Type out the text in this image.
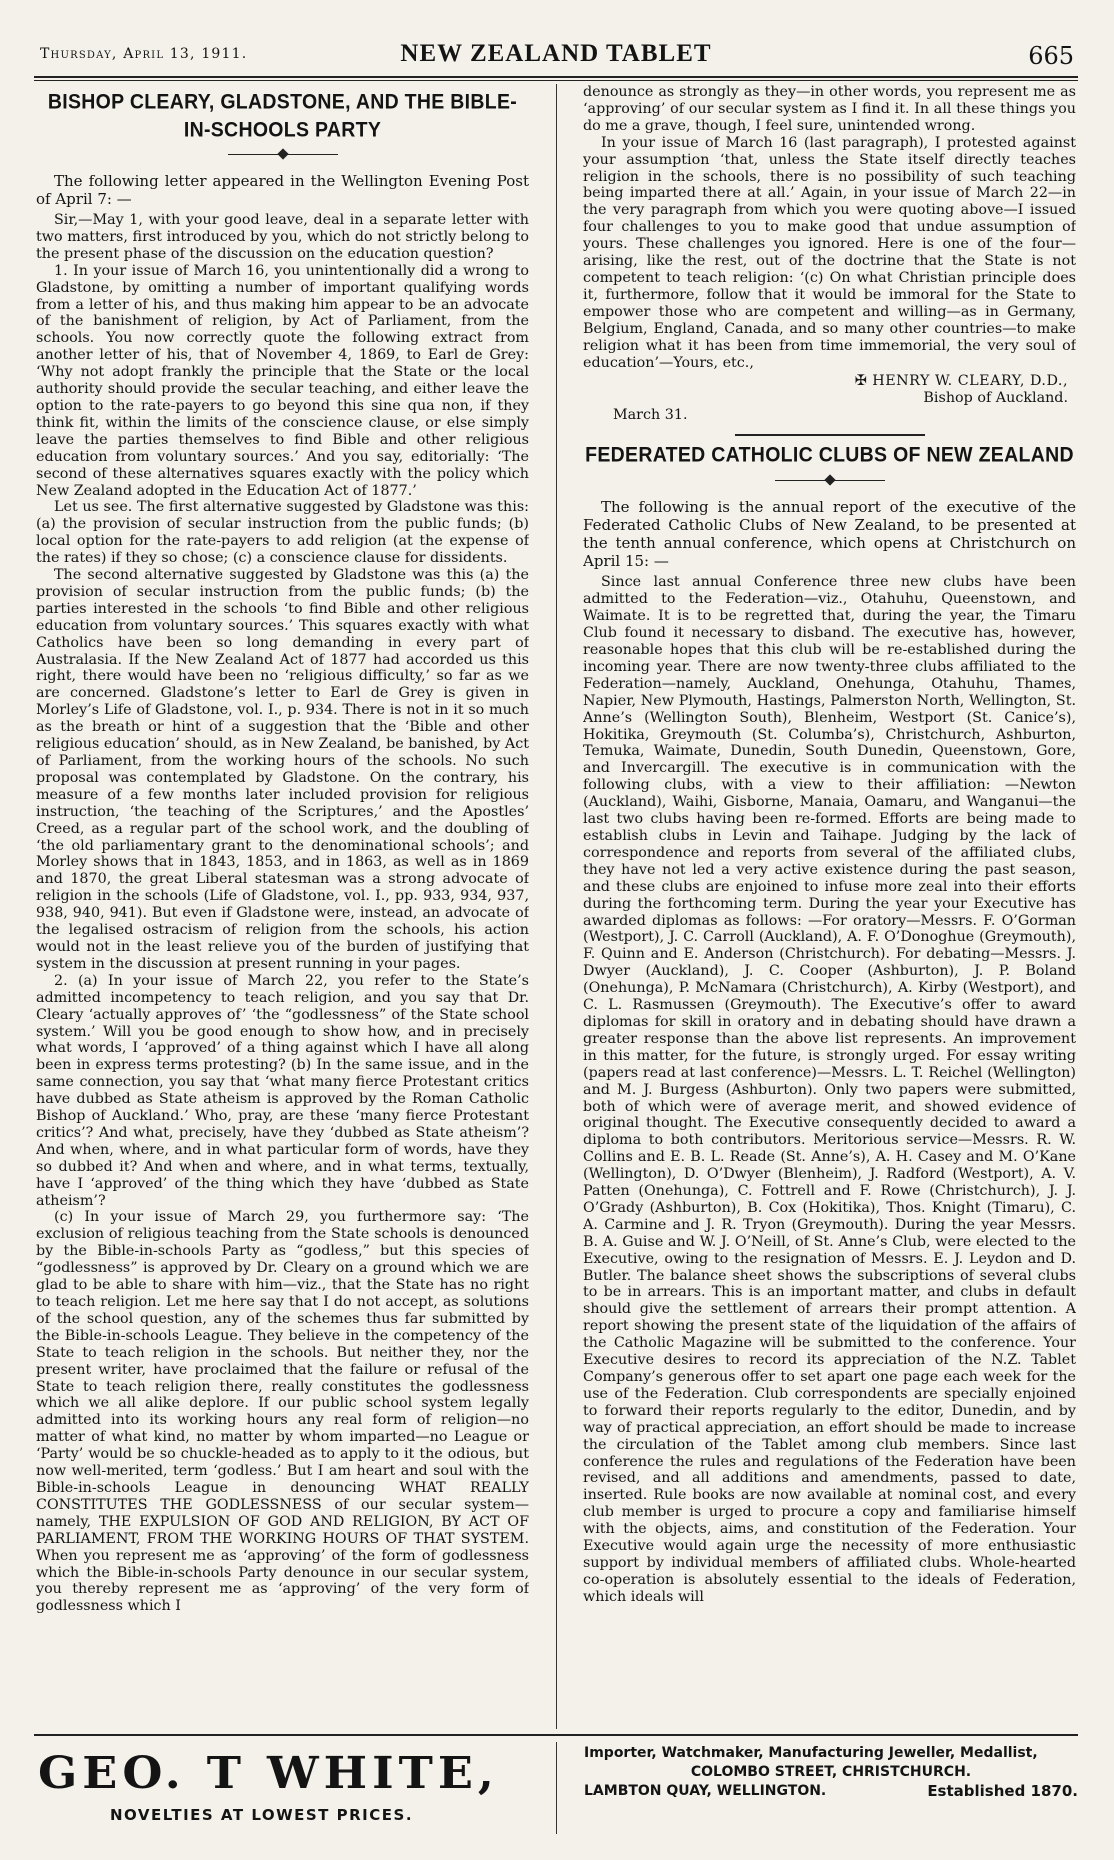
Thursday, April 13, 1911.	NEW ZEALAND TABLET	665
BISHOP CLEARY, GLADSTONE, AND THE BIBLE-IN-SCHOOLS PARTY

The following letter appeared in the Wellington Evening Post of April 7: —

Sir,—May 1, with your good leave, deal in a separate letter with two matters, first introduced by you, which do not strictly belong to the present phase of the discussion on the education question?

1. In your issue of March 16, you unintentionally did a wrong to Gladstone, by omitting a number of important qualifying words from a letter of his, and thus making him appear to be an advocate of the banishment of religion, by Act of Parliament, from the schools. You now correctly quote the following extract from another letter of his, that of November 4, 1869, to Earl de Grey: ‘Why not adopt frankly the principle that the State or the local authority should provide the secular teaching, and either leave the option to the rate-payers to go beyond this sine qua non, if they think fit, within the limits of the conscience clause, or else simply leave the parties themselves to find Bible and other religious education from voluntary sources.’ And you say, editorially: ‘The second of these alternatives squares exactly with the policy which New Zealand adopted in the Education Act of 1877.’

Let us see. The first alternative suggested by Gladstone was this: (a) the provision of secular instruction from the public funds; (b) local option for the rate-payers to add religion (at the expense of the rates) if they so chose; (c) a conscience clause for dissidents.

The second alternative suggested by Gladstone was this (a) the provision of secular instruction from the public funds; (b) the parties interested in the schools ‘to find Bible and other religious education from voluntary sources.’ This squares exactly with what Catholics have been so long demanding in every part of Australasia. If the New Zealand Act of 1877 had accorded us this right, there would have been no ‘religious difficulty,’ so far as we are concerned. Gladstone’s letter to Earl de Grey is given in Morley’s Life of Gladstone, vol. I., p. 934. There is not in it so much as the breath or hint of a suggestion that the ‘Bible and other religious education’ should, as in New Zealand, be banished, by Act of Parliament, from the working hours of the schools. No such proposal was contemplated by Gladstone. On the contrary, his measure of a few months later included provision for religious instruction, ‘the teaching of the Scriptures,’ and the Apostles’ Creed, as a regular part of the school work, and the doubling of ‘the old parliamentary grant to the denominational schools’; and Morley shows that in 1843, 1853, and in 1863, as well as in 1869 and 1870, the great Liberal statesman was a strong advocate of religion in the schools (Life of Gladstone, vol. I., pp. 933, 934, 937, 938, 940, 941). But even if Gladstone were, instead, an advocate of the legalised ostracism of religion from the schools, his action would not in the least relieve you of the burden of justifying that system in the discussion at present running in your pages.

2. (a) In your issue of March 22, you refer to the State’s admitted incompetency to teach religion, and you say that Dr. Cleary ‘actually approves of’ ‘the “godlessness” of the State school system.’ Will you be good enough to show how, and in precisely what words, I ‘approved’ of a thing against which I have all along been in express terms protesting? (b) In the same issue, and in the same connection, you say that ‘what many fierce Protestant critics have dubbed as State atheism is approved by the Roman Catholic Bishop of Auckland.’ Who, pray, are these ‘many fierce Protestant critics’? And what, precisely, have they ‘dubbed as State atheism’? And when, where, and in what particular form of words, have they so dubbed it? And when and where, and in what terms, textually, have I ‘approved’ of the thing which they have ‘dubbed as State atheism’?

(c) In your issue of March 29, you furthermore say: ‘The exclusion of religious teaching from the State schools is denounced by the Bible-in-schools Party as “godless,” but this species of “godlessness” is approved by Dr. Cleary on a ground which we are glad to be able to share with him—viz., that the State has no right to teach religion. Let me here say that I do not accept, as solutions of the school question, any of the schemes thus far submitted by the Bible-in-schools League. They believe in the competency of the State to teach religion in the schools. But neither they, nor the present writer, have proclaimed that the failure or refusal of the State to teach religion there, really constitutes the godlessness which we all alike deplore. If our public school system legally admitted into its working hours any real form of religion—no matter of what kind, no matter by whom imparted—no League or ‘Party’ would be so chuckle-headed as to apply to it the odious, but now well-merited, term ‘godless.’ But I am heart and soul with the Bible-in-schools League in denouncing WHAT REALLY CONSTITUTES THE GODLESSNESS of our secular system—namely, THE EXPULSION OF GOD AND RELIGION, BY ACT OF PARLIAMENT, FROM THE WORKING HOURS OF THAT SYSTEM. When you represent me as ‘approving’ of the form of godlessness which the Bible-in-schools Party denounce in our secular system, you thereby represent me as ‘approving’ of the very form of godlessness which I

denounce as strongly as they—in other words, you represent me as ‘approving’ of our secular system as I find it. In all these things you do me a grave, though, I feel sure, unintended wrong.

In your issue of March 16 (last paragraph), I protested against your assumption ‘that, unless the State itself directly teaches religion in the schools, there is no possibility of such teaching being imparted there at all.’ Again, in your issue of March 22—in the very paragraph from which you were quoting above—I issued four challenges to you to make good that undue assumption of yours. These challenges you ignored. Here is one of the four—arising, like the rest, out of the doctrine that the State is not competent to teach religion: ‘(c) On what Christian principle does it, furthermore, follow that it would be immoral for the State to empower those who are competent and willing—as in Germany, Belgium, England, Canada, and so many other countries—to make religion what it has been from time immemorial, the very soul of education’—Yours, etc.,

✠ HENRY W. CLEARY, D.D.,
Bishop of Auckland.
March 31.
FEDERATED CATHOLIC CLUBS OF NEW ZEALAND

The following is the annual report of the executive of the Federated Catholic Clubs of New Zealand, to be presented at the tenth annual conference, which opens at Christchurch on April 15: —

Since last annual Conference three new clubs have been admitted to the Federation—viz., Otahuhu, Queenstown, and Waimate. It is to be regretted that, during the year, the Timaru Club found it necessary to disband. The executive has, however, reasonable hopes that this club will be re-established during the incoming year. There are now twenty-three clubs affiliated to the Federation—namely, Auckland, Onehunga, Otahuhu, Thames, Napier, New Plymouth, Hastings, Palmerston North, Wellington, St. Anne’s (Wellington South), Blenheim, Westport (St. Canice’s), Hokitika, Greymouth (St. Columba’s), Christchurch, Ashburton, Temuka, Waimate, Dunedin, South Dunedin, Queenstown, Gore, and Invercargill. The executive is in communication with the following clubs, with a view to their affiliation: —Newton (Auckland), Waihi, Gisborne, Manaia, Oamaru, and Wanganui—the last two clubs having been re-formed. Efforts are being made to establish clubs in Levin and Taihape. Judging by the lack of correspondence and reports from several of the affiliated clubs, they have not led a very active existence during the past season, and these clubs are enjoined to infuse more zeal into their efforts during the forthcoming term. During the year your Executive has awarded diplomas as follows: —For oratory—Messrs. F. O’Gorman (Westport), J. C. Carroll (Auckland), A. F. O’Donoghue (Greymouth), F. Quinn and E. Anderson (Christchurch). For debating—Messrs. J. Dwyer (Auckland), J. C. Cooper (Ashburton), J. P. Boland (Onehunga), P. McNamara (Christchurch), A. Kirby (Westport), and C. L. Rasmussen (Greymouth). The Executive’s offer to award diplomas for skill in oratory and in debating should have drawn a greater response than the above list represents. An improvement in this matter, for the future, is strongly urged. For essay writing (papers read at last conference)—Messrs. L. T. Reichel (Wellington) and M. J. Burgess (Ashburton). Only two papers were submitted, both of which were of average merit, and showed evidence of original thought. The Executive consequently decided to award a diploma to both contributors. Meritorious service—Messrs. R. W. Collins and E. B. L. Reade (St. Anne’s), A. H. Casey and M. O’Kane (Wellington), D. O’Dwyer (Blenheim), J. Radford (Westport), A. V. Patten (Onehunga), C. Fottrell and F. Rowe (Christchurch), J. J. O’Grady (Ashburton), B. Cox (Hokitika), Thos. Knight (Timaru), C. A. Carmine and J. R. Tryon (Greymouth). During the year Messrs. B. A. Guise and W. J. O’Neill, of St. Anne’s Club, were elected to the Executive, owing to the resignation of Messrs. E. J. Leydon and D. Butler. The balance sheet shows the subscriptions of several clubs to be in arrears. This is an important matter, and clubs in default should give the settlement of arrears their prompt attention. A report showing the present state of the liquidation of the affairs of the Catholic Magazine will be submitted to the conference. Your Executive desires to record its appreciation of the N.Z. Tablet Company’s generous offer to set apart one page each week for the use of the Federation. Club correspondents are specially enjoined to forward their reports regularly to the editor, Dunedin, and by way of practical appreciation, an effort should be made to increase the circulation of the Tablet among club members. Since last conference the rules and regulations of the Federation have been revised, and all additions and amendments, passed to date, inserted. Rule books are now available at nominal cost, and every club member is urged to procure a copy and familiarise himself with the objects, aims, and constitution of the Federation. Your Executive would again urge the necessity of more enthusiastic support by individual members of affiliated clubs. Whole-hearted co-operation is absolutely essential to the ideals of Federation, which ideals will

GEO. T WHITE,
NOVELTIES AT LOWEST PRICES.
Importer, Watchmaker, Manufacturing Jeweller, Medallist,
COLOMBO STREET, CHRISTCHURCH.
LAMBTON QUAY, WELLINGTON.	Established 1870.
